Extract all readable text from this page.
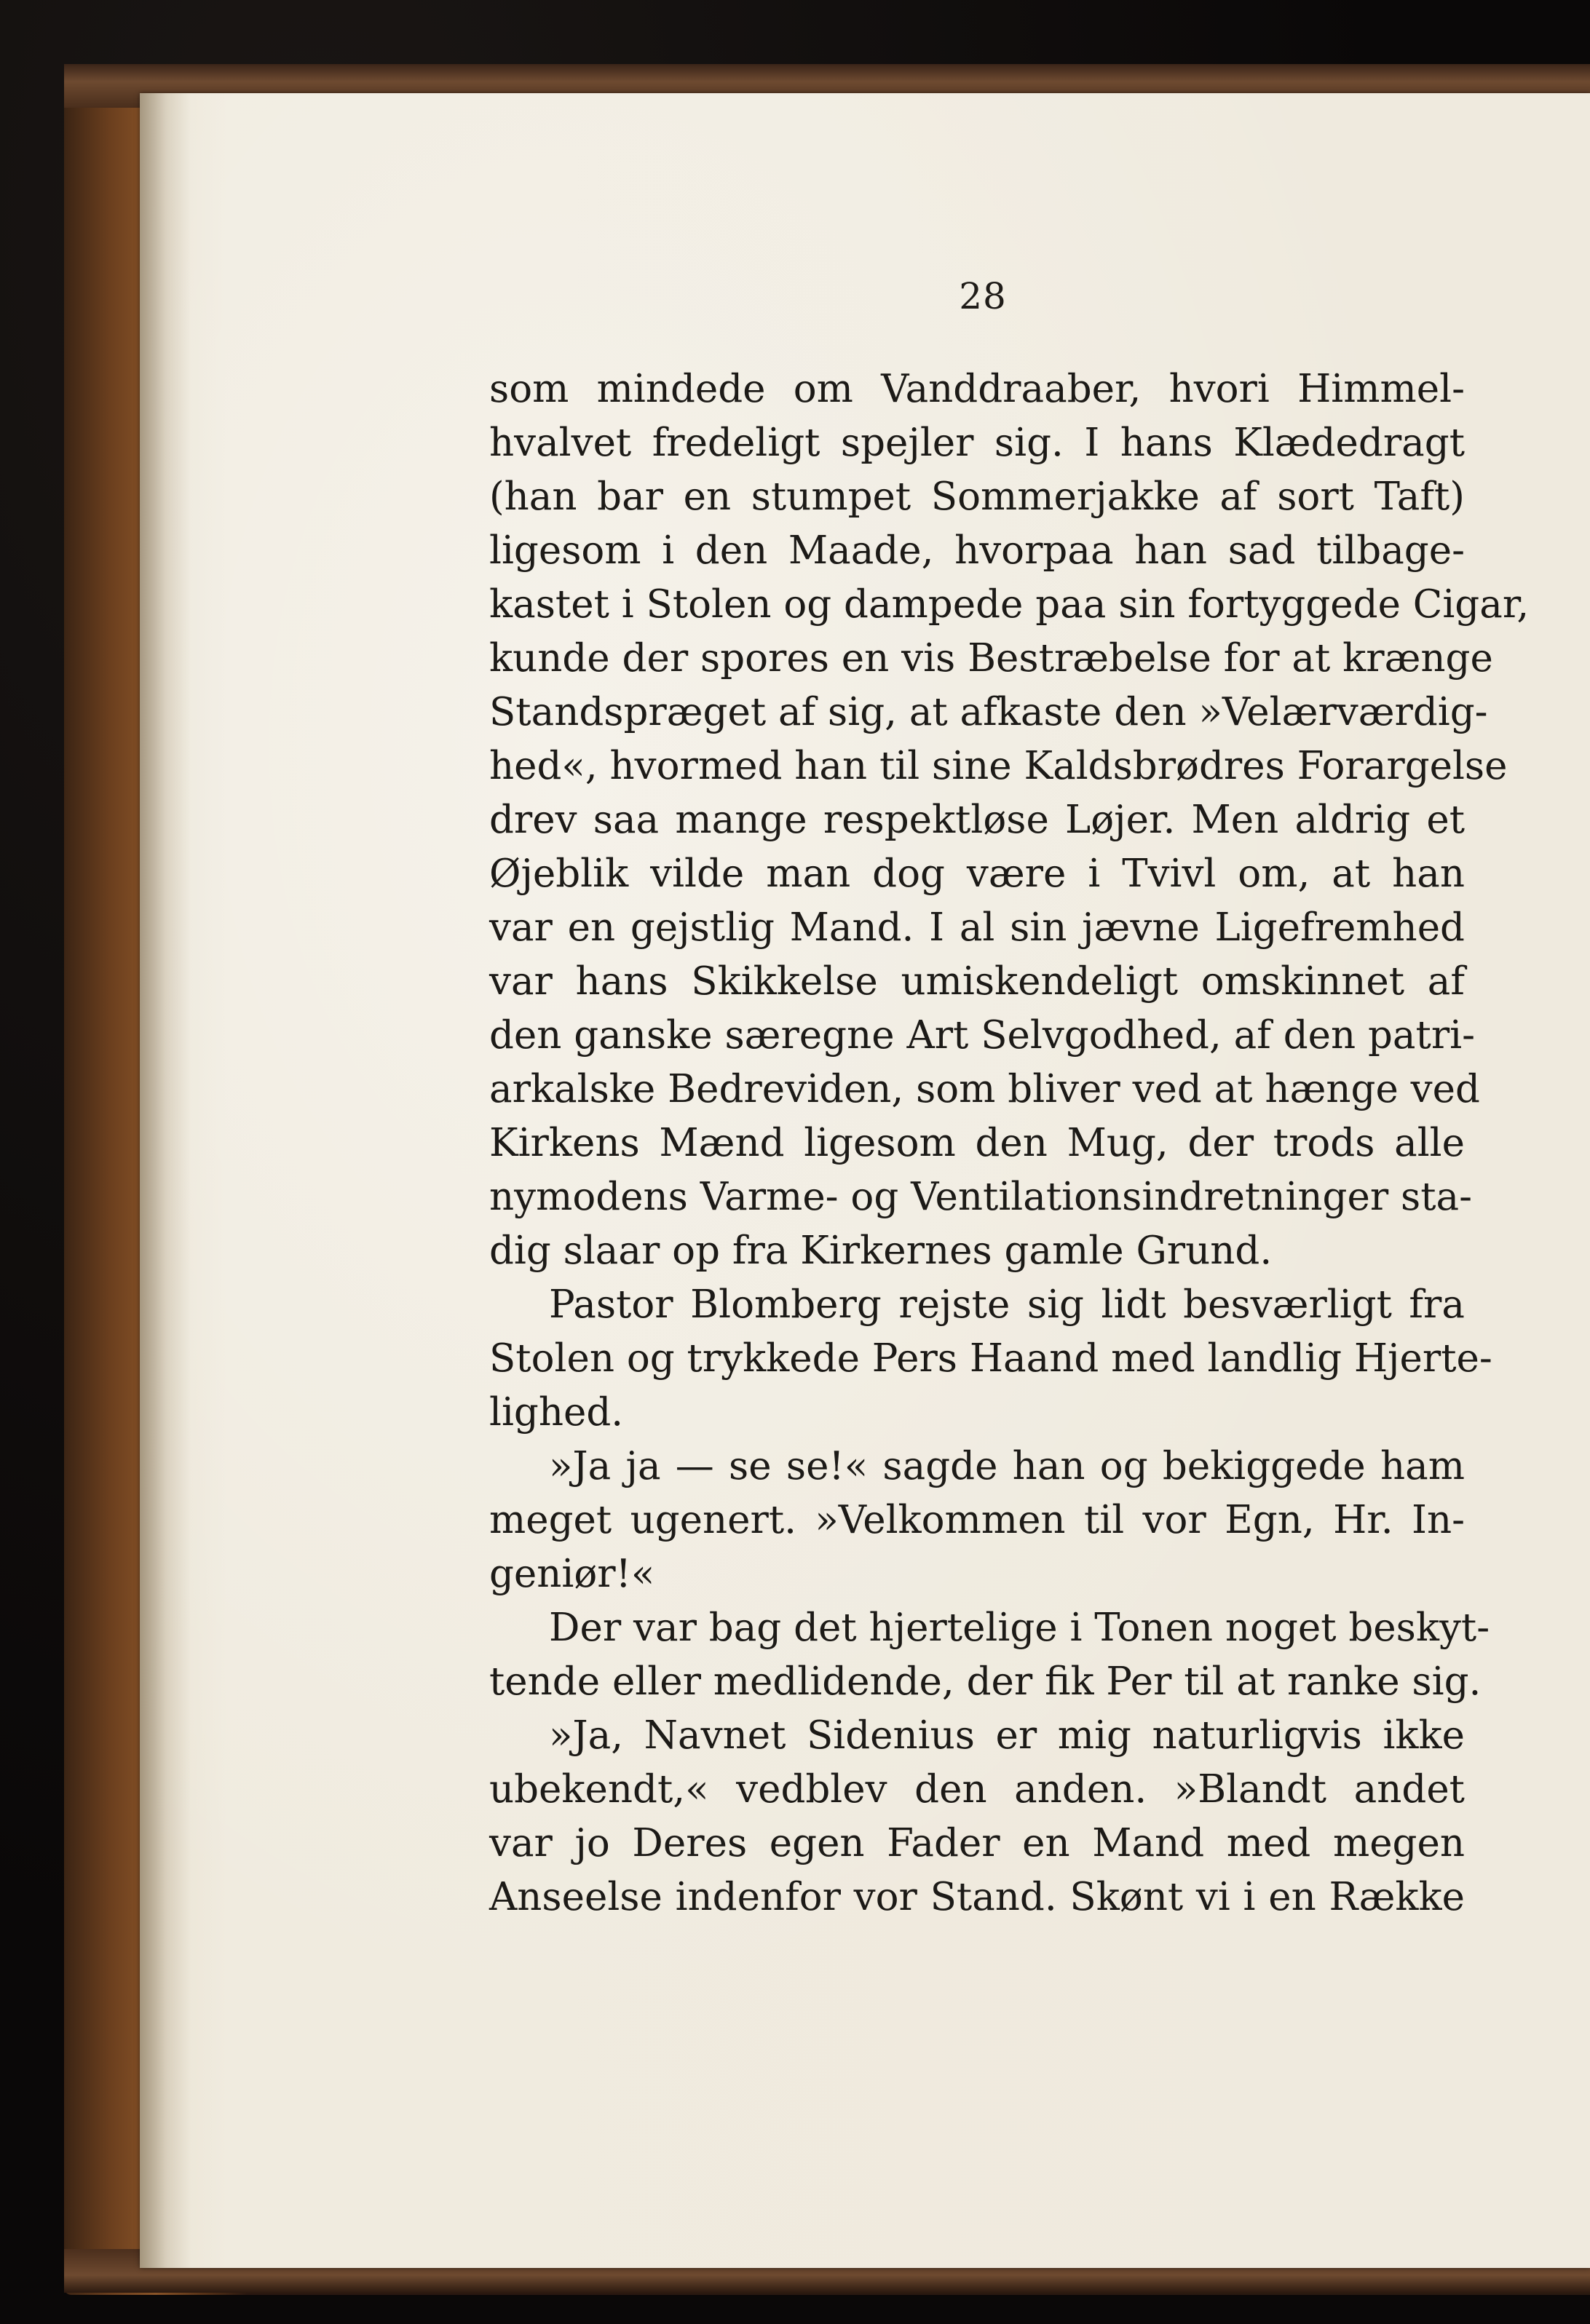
28
som mindede om Vanddraaber, hvori Himmel-
hvalvet fredeligt spejler sig. I hans Klædedragt
(han bar en stumpet Sommerjakke af sort Taft)
ligesom i den Maade, hvorpaa han sad tilbage-
kastet i Stolen og dampede paa sin fortyggede Cigar,
kunde der spores en vis Bestræbelse for at krænge
Standspræget af sig, at afkaste den »Velærværdig-
hed«, hvormed han til sine Kaldsbrødres Forargelse
drev saa mange respektløse Løjer. Men aldrig et
Øjeblik vilde man dog være i Tvivl om, at han
var en gejstlig Mand. I al sin jævne Ligefremhed
var hans Skikkelse umiskendeligt omskinnet af
den ganske særegne Art Selvgodhed, af den patri-
arkalske Bedreviden, som bliver ved at hænge ved
Kirkens Mænd ligesom den Mug, der trods alle
nymodens Varme- og Ventilationsindretninger sta-
dig slaar op fra Kirkernes gamle Grund.
Pastor Blomberg rejste sig lidt besværligt fra
Stolen og trykkede Pers Haand med landlig Hjerte-
lighed.
»Ja ja — se se!« sagde han og bekiggede ham
meget ugenert. »Velkommen til vor Egn, Hr. In-
geniør!«
Der var bag det hjertelige i Tonen noget beskyt-
tende eller medlidende, der fik Per til at ranke sig.
»Ja, Navnet Sidenius er mig naturligvis ikke
ubekendt,« vedblev den anden. »Blandt andet
var jo Deres egen Fader en Mand med megen
Anseelse indenfor vor Stand. Skønt vi i en Række
